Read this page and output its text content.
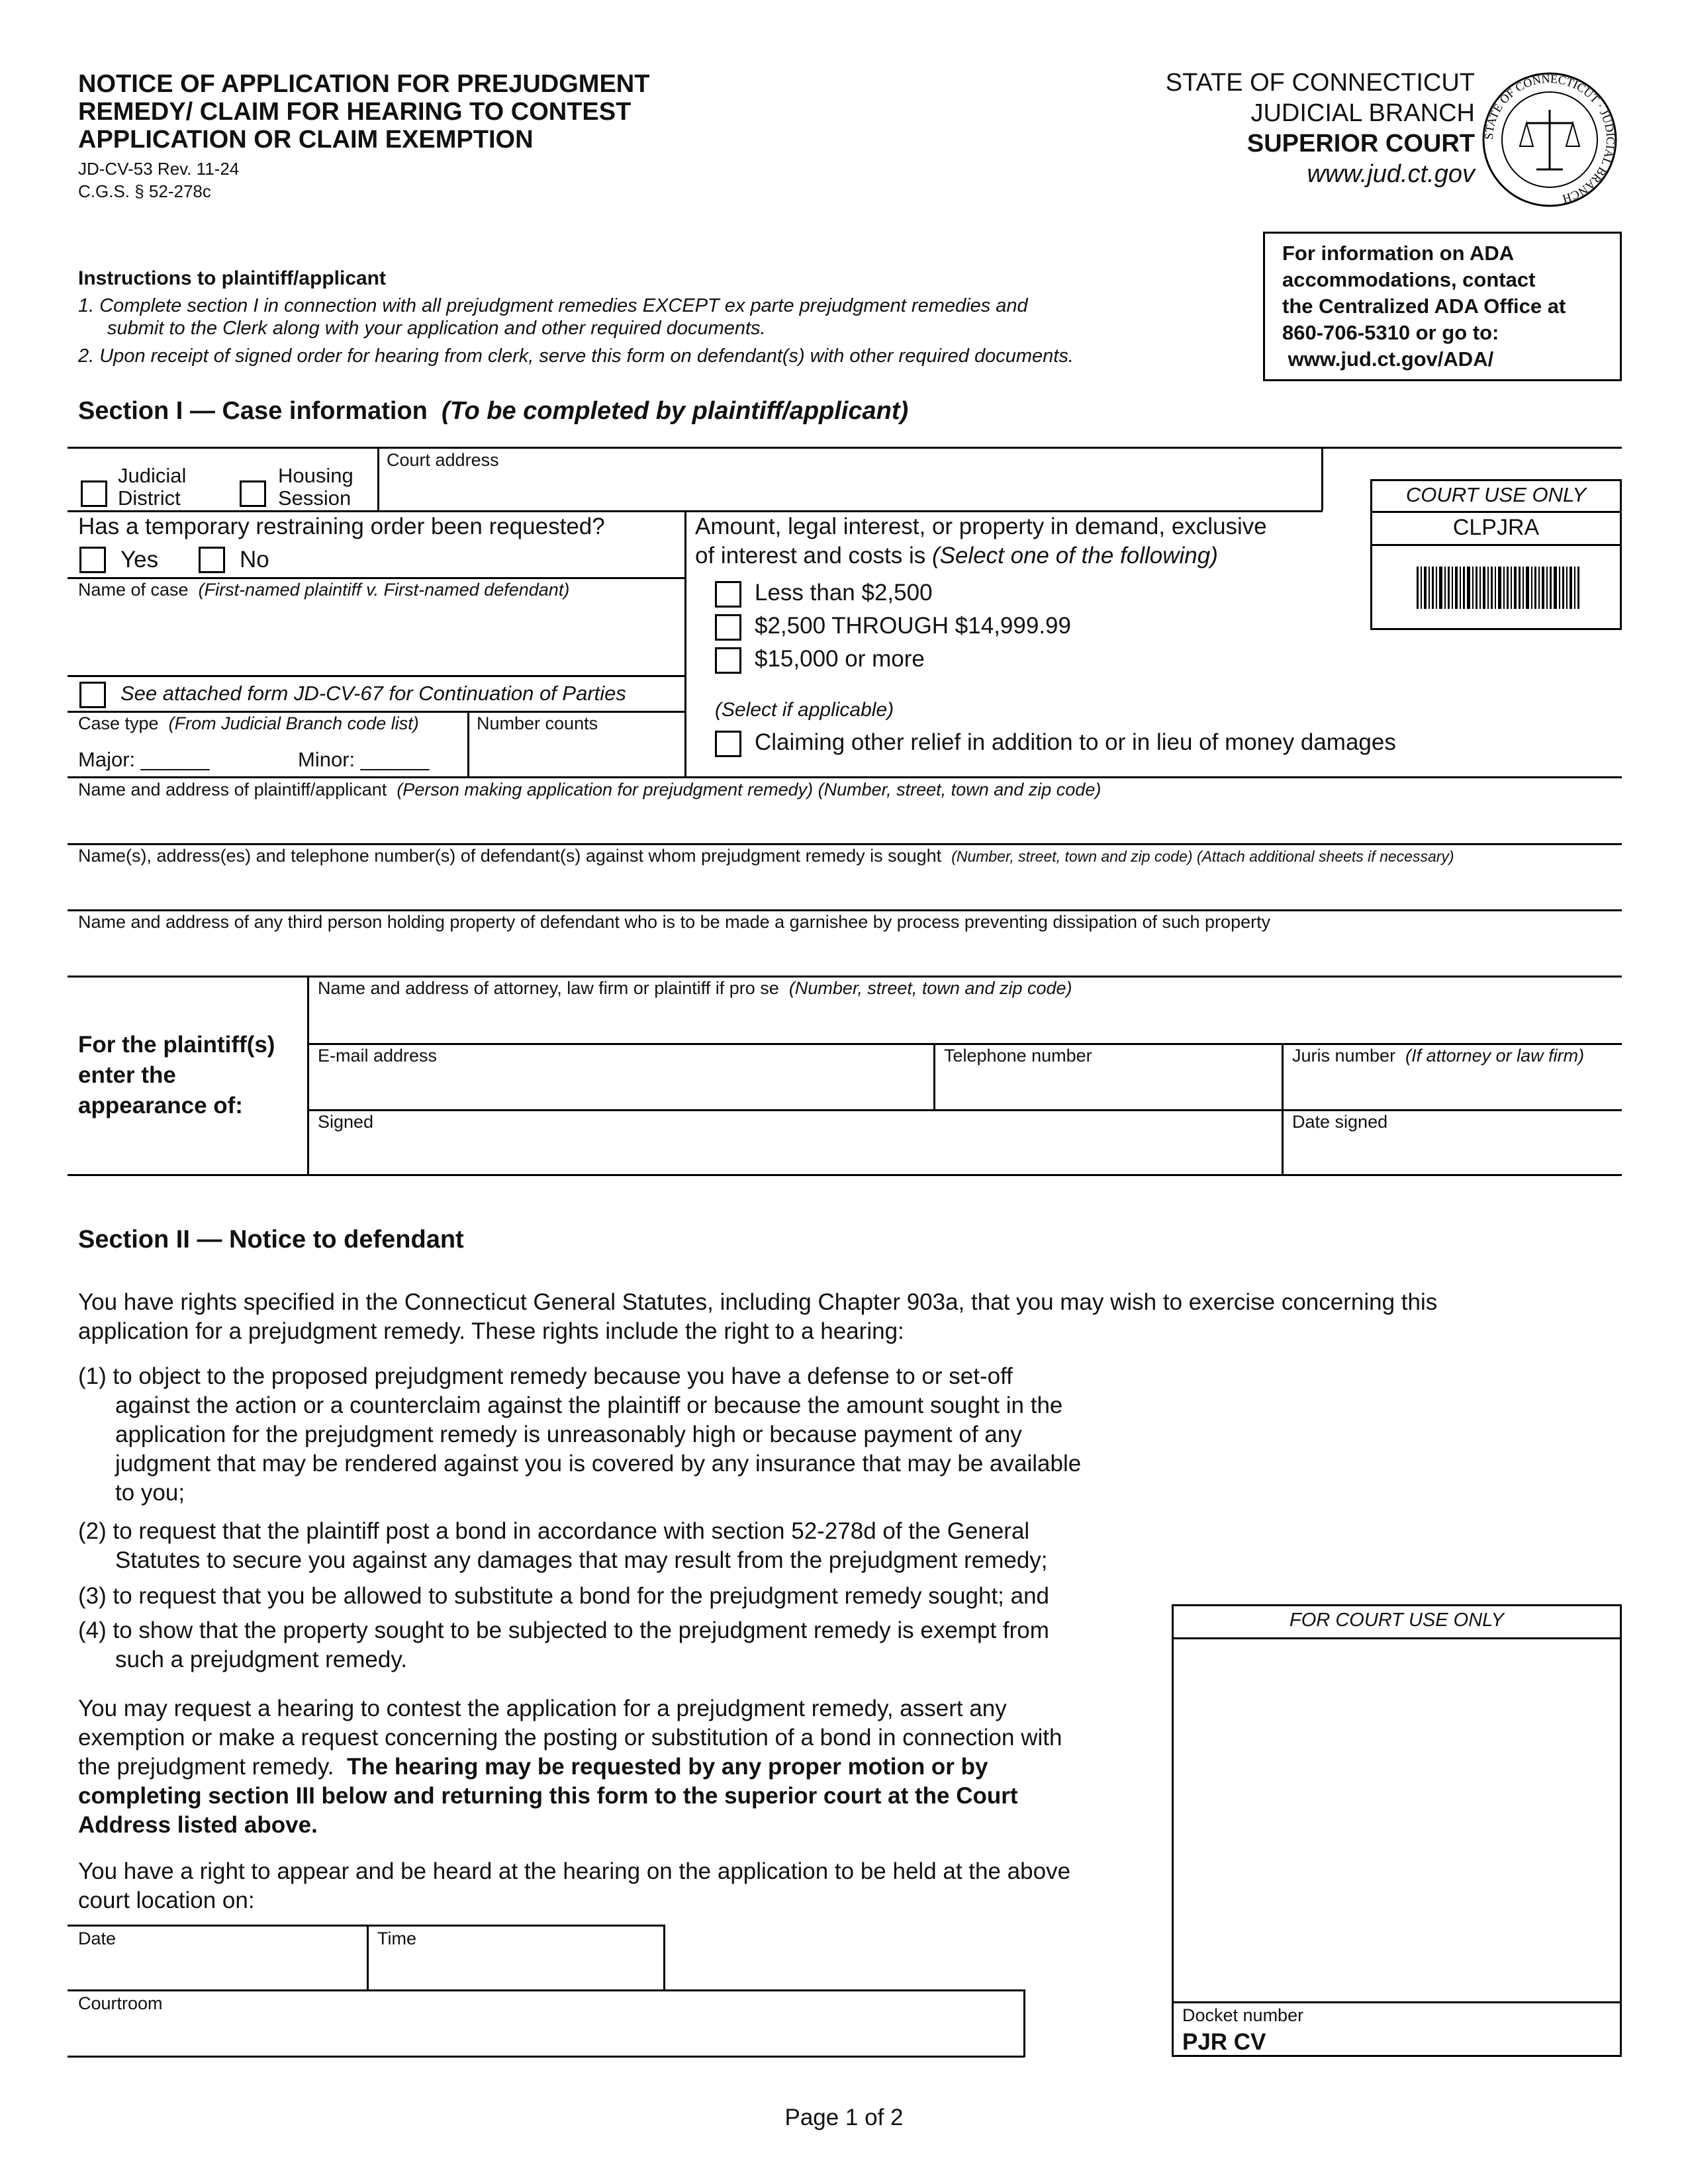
NOTICE OF APPLICATION FOR PREJUDGMENT
REMEDY/ CLAIM FOR HEARING TO CONTEST
APPLICATION OR CLAIM EXEMPTION
JD-CV-53 Rev. 11-24
C.G.S. § 52-278c
STATE OF CONNECTICUT
JUDICIAL BRANCH
SUPERIOR COURT
www.jud.ct.gov
STATE OF CONNECTICUT · JUDICIAL BRANCH
For information on ADA
accommodations, contact
the Centralized ADA Office at
860-706-5310 or go to:
www.jud.ct.gov/ADA/
Instructions to plaintiff/applicant
1. Complete section I in connection with all prejudgment remedies EXCEPT ex parte prejudgment remedies and
submit to the Clerk along with your application and other required documents.
2. Upon receipt of signed order for hearing from clerk, serve this form on defendant(s) with other required documents.
Section I — Case information (To be completed by plaintiff/applicant)
Judicial
District
Housing
Session
Court address
COURT USE ONLY
CLPJRA
Has a temporary restraining order been requested?
Yes	No
Amount, legal interest, or property in demand, exclusive
of interest and costs is (Select one of the following)
Less than $2,500
$2,500 THROUGH $14,999.99
$15,000 or more
(Select if applicable)
Claiming other relief in addition to or in lieu of money damages
Name of case (First-named plaintiff v. First-named defendant)
See attached form JD-CV-67 for Continuation of Parties
Case type (From Judicial Branch code list)
Major: ______	Minor: ______
Number counts
Name and address of plaintiff/applicant (Person making application for prejudgment remedy) (Number, street, town and zip code)
Name(s), address(es) and telephone number(s) of defendant(s) against whom prejudgment remedy is sought (Number, street, town and zip code) (Attach additional sheets if necessary)
Name and address of any third person holding property of defendant who is to be made a garnishee by process preventing dissipation of such property
For the plaintiff(s)
enter the
appearance of:
Name and address of attorney, law firm or plaintiff if pro se (Number, street, town and zip code)
E-mail address	Telephone number	Juris number (If attorney or law firm)
Signed	Date signed
Section II — Notice to defendant
You have rights specified in the Connecticut General Statutes, including Chapter 903a, that you may wish to exercise concerning this
application for a prejudgment remedy. These rights include the right to a hearing:
(1) to object to the proposed prejudgment remedy because you have a defense to or set-off
against the action or a counterclaim against the plaintiff or because the amount sought in the
application for the prejudgment remedy is unreasonably high or because payment of any
judgment that may be rendered against you is covered by any insurance that may be available
to you;
(2) to request that the plaintiff post a bond in accordance with section 52-278d of the General
Statutes to secure you against any damages that may result from the prejudgment remedy;
(3) to request that you be allowed to substitute a bond for the prejudgment remedy sought; and
(4) to show that the property sought to be subjected to the prejudgment remedy is exempt from
such a prejudgment remedy.
You may request a hearing to contest the application for a prejudgment remedy, assert any
exemption or make a request concerning the posting or substitution of a bond in connection with
the prejudgment remedy. The hearing may be requested by any proper motion or by
completing section III below and returning this form to the superior court at the Court
Address listed above.
You have a right to appear and be heard at the hearing on the application to be held at the above
court location on:
Date	Time
Courtroom
FOR COURT USE ONLY
Docket number
PJR CV
Page 1 of 2
